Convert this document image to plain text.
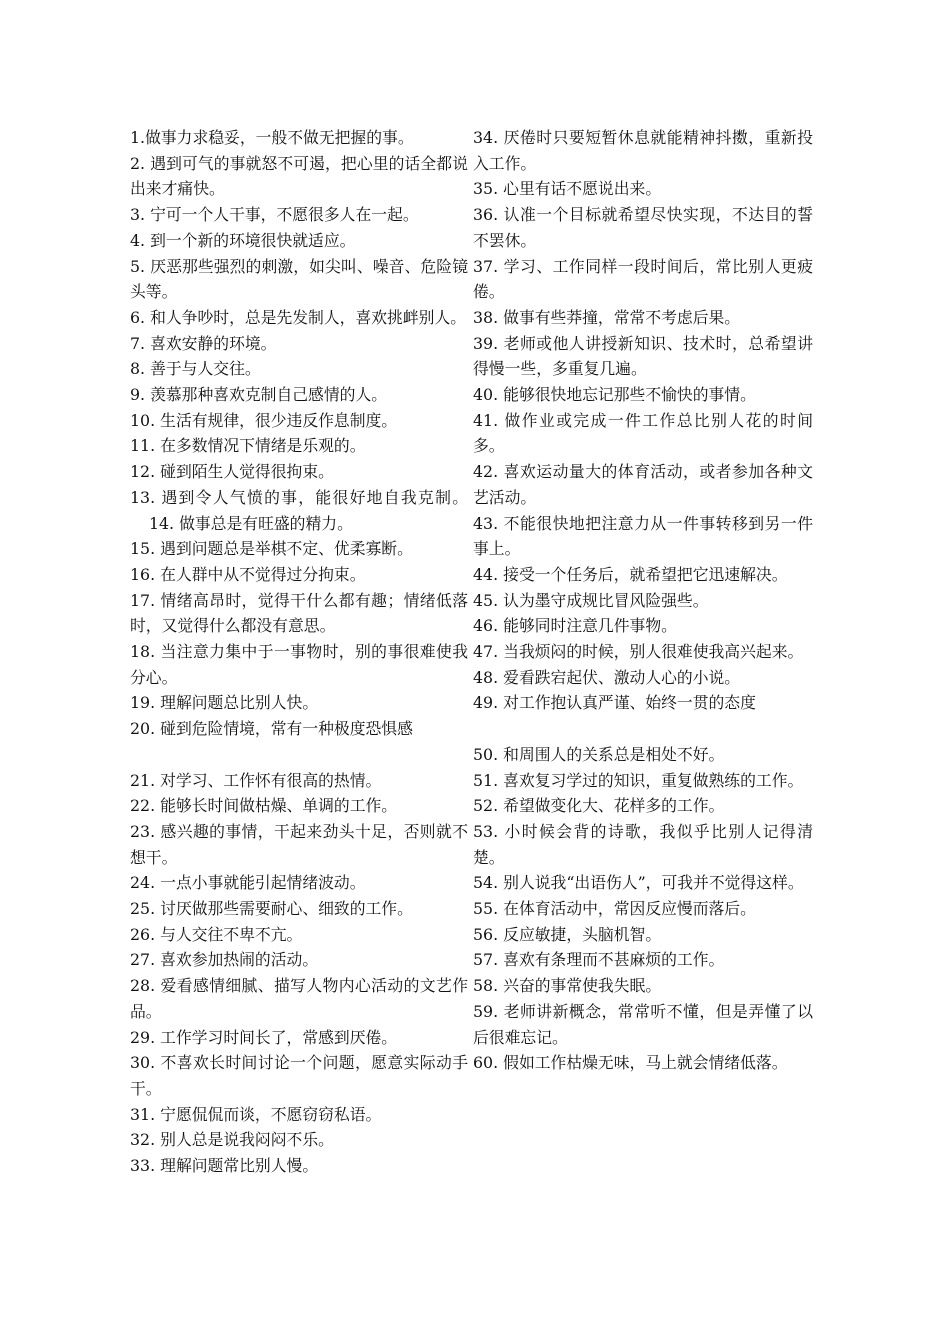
1.做事力求稳妥，一般不做无把握的事。

2. 遇到可气的事就怒不可遏，把心里的话全都说出来才痛快。

3. 宁可一个人干事，不愿很多人在一起。

4. 到一个新的环境很快就适应。

5. 厌恶那些强烈的刺激，如尖叫、噪音、危险镜头等。

6. 和人争吵时，总是先发制人，喜欢挑衅别人。

7. 喜欢安静的环境。

8. 善于与人交往。

9. 羡慕那种喜欢克制自己感情的人。

10. 生活有规律，很少违反作息制度。

11. 在多数情况下情绪是乐观的。

12. 碰到陌生人觉得很拘束。

13. 遇到令人气愤的事，能很好地自我克制。14. 做事总是有旺盛的精力。

15. 遇到问题总是举棋不定、优柔寡断。

16. 在人群中从不觉得过分拘束。

17. 情绪高昂时，觉得干什么都有趣；情绪低落时，又觉得什么都没有意思。

18. 当注意力集中于一事物时，别的事很难使我分心。

19. 理解问题总比别人快。

20. 碰到危险情境，常有一种极度恐惧感

21. 对学习、工作怀有很高的热情。

22. 能够长时间做枯燥、单调的工作。

23. 感兴趣的事情，干起来劲头十足，否则就不想干。

24. 一点小事就能引起情绪波动。

25. 讨厌做那些需要耐心、细致的工作。

26. 与人交往不卑不亢。

27. 喜欢参加热闹的活动。

28. 爱看感情细腻、描写人物内心活动的文艺作品。

29. 工作学习时间长了，常感到厌倦。

30. 不喜欢长时间讨论一个问题，愿意实际动手干。

31. 宁愿侃侃而谈，不愿窃窃私语。

32. 别人总是说我闷闷不乐。

33. 理解问题常比别人慢。

34. 厌倦时只要短暂休息就能精神抖擞，重新投入工作。

35. 心里有话不愿说出来。

36. 认准一个目标就希望尽快实现，不达目的誓不罢休。

37. 学习、工作同样一段时间后，常比别人更疲倦。

38. 做事有些莽撞，常常不考虑后果。

39. 老师或他人讲授新知识、技术时，总希望讲得慢一些，多重复几遍。

40. 能够很快地忘记那些不愉快的事情。

41. 做作业或完成一件工作总比别人花的时间多。

42. 喜欢运动量大的体育活动，或者参加各种文艺活动。

43. 不能很快地把注意力从一件事转移到另一件事上。

44. 接受一个任务后，就希望把它迅速解决。

45. 认为墨守成规比冒风险强些。

46. 能够同时注意几件事物。

47. 当我烦闷的时候，别人很难使我高兴起来。

48. 爱看跌宕起伏、激动人心的小说。

49. 对工作抱认真严谨、始终一贯的态度

50. 和周围人的关系总是相处不好。

51. 喜欢复习学过的知识，重复做熟练的工作。

52. 希望做变化大、花样多的工作。

53. 小时候会背的诗歌，我似乎比别人记得清楚。

54. 别人说我“出语伤人”，可我并不觉得这样。

55. 在体育活动中，常因反应慢而落后。

56. 反应敏捷，头脑机智。

57. 喜欢有条理而不甚麻烦的工作。

58. 兴奋的事常使我失眠。

59. 老师讲新概念，常常听不懂，但是弄懂了以后很难忘记。

60. 假如工作枯燥无味，马上就会情绪低落。
